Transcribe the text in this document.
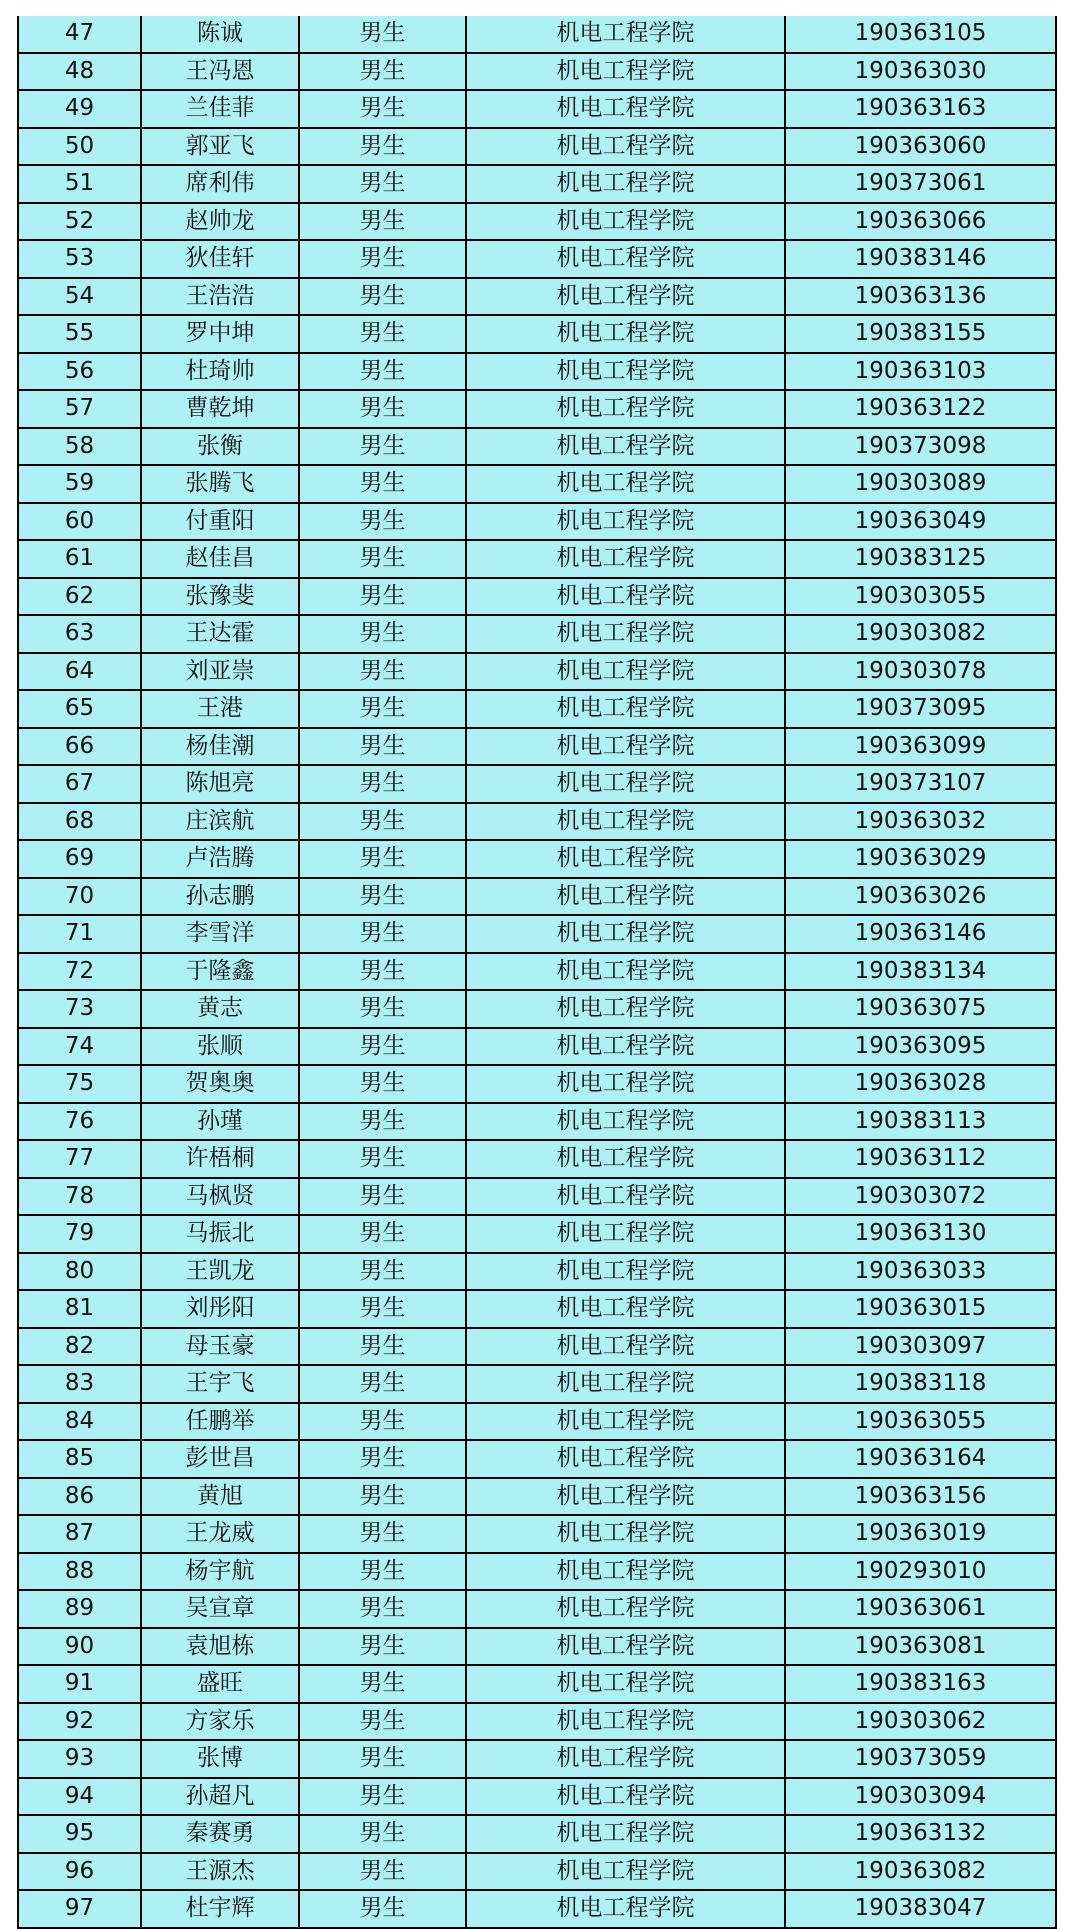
47	陈诚	男生	机电工程学院	190363105
48	王冯恩	男生	机电工程学院	190363030
49	兰佳菲	男生	机电工程学院	190363163
50	郭亚飞	男生	机电工程学院	190363060
51	席利伟	男生	机电工程学院	190373061
52	赵帅龙	男生	机电工程学院	190363066
53	狄佳轩	男生	机电工程学院	190383146
54	王浩浩	男生	机电工程学院	190363136
55	罗中坤	男生	机电工程学院	190383155
56	杜琦帅	男生	机电工程学院	190363103
57	曹乾坤	男生	机电工程学院	190363122
58	张衡	男生	机电工程学院	190373098
59	张腾飞	男生	机电工程学院	190303089
60	付重阳	男生	机电工程学院	190363049
61	赵佳昌	男生	机电工程学院	190383125
62	张豫斐	男生	机电工程学院	190303055
63	王达霍	男生	机电工程学院	190303082
64	刘亚崇	男生	机电工程学院	190303078
65	王港	男生	机电工程学院	190373095
66	杨佳潮	男生	机电工程学院	190363099
67	陈旭亮	男生	机电工程学院	190373107
68	庄滨航	男生	机电工程学院	190363032
69	卢浩腾	男生	机电工程学院	190363029
70	孙志鹏	男生	机电工程学院	190363026
71	李雪洋	男生	机电工程学院	190363146
72	于隆鑫	男生	机电工程学院	190383134
73	黄志	男生	机电工程学院	190363075
74	张顺	男生	机电工程学院	190363095
75	贺奥奥	男生	机电工程学院	190363028
76	孙瑾	男生	机电工程学院	190383113
77	许梧桐	男生	机电工程学院	190363112
78	马枫贤	男生	机电工程学院	190303072
79	马振北	男生	机电工程学院	190363130
80	王凯龙	男生	机电工程学院	190363033
81	刘彤阳	男生	机电工程学院	190363015
82	母玉豪	男生	机电工程学院	190303097
83	王宇飞	男生	机电工程学院	190383118
84	任鹏举	男生	机电工程学院	190363055
85	彭世昌	男生	机电工程学院	190363164
86	黄旭	男生	机电工程学院	190363156
87	王龙威	男生	机电工程学院	190363019
88	杨宇航	男生	机电工程学院	190293010
89	吴宣章	男生	机电工程学院	190363061
90	袁旭栋	男生	机电工程学院	190363081
91	盛旺	男生	机电工程学院	190383163
92	方家乐	男生	机电工程学院	190303062
93	张博	男生	机电工程学院	190373059
94	孙超凡	男生	机电工程学院	190303094
95	秦赛勇	男生	机电工程学院	190363132
96	王源杰	男生	机电工程学院	190363082
97	杜宇辉	男生	机电工程学院	190383047
